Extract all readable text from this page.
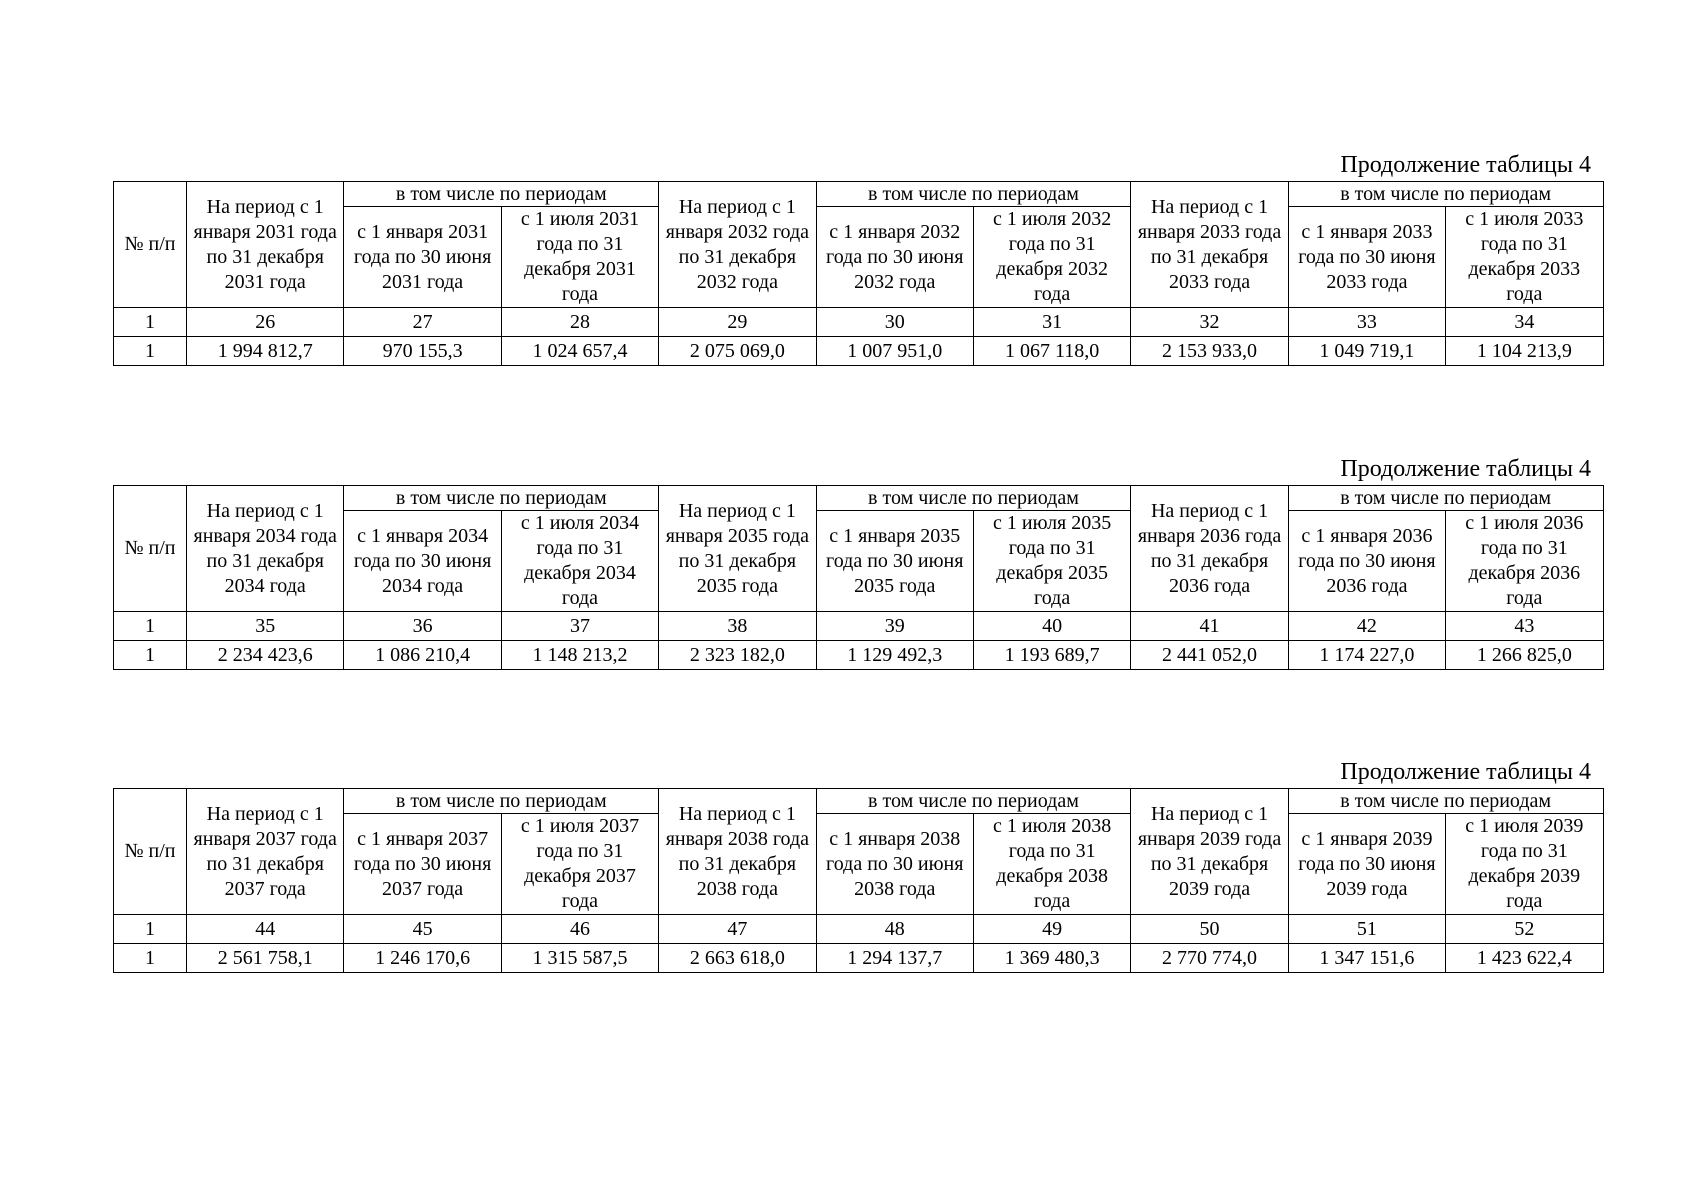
Продолжение таблицы 4
№ п/п	На период с 1 января 2031 года по 31 декабря 2031 года	в том числе по периодам		На период с 1 января 2032 года по 31 декабря 2032 года	в том числе по периодам		На период с 1 января 2033 года по 31 декабря 2033 года	в том числе по периодам	
		с 1 января 2031 года по 30 июня 2031 года	с 1 июля 2031 года по 31 декабря 2031 года		с 1 января 2032 года по 30 июня 2032 года	с 1 июля 2032 года по 31 декабря 2032 года		с 1 января 2033 года по 30 июня 2033 года	с 1 июля 2033 года по 31 декабря 2033 года
1	26	27	28	29	30	31	32	33	34
1	1 994 812,7	970 155,3	1 024 657,4	2 075 069,0	1 007 951,0	1 067 118,0	2 153 933,0	1 049 719,1	1 104 213,9
Продолжение таблицы 4
№ п/п	На период с 1 января 2034 года по 31 декабря 2034 года	в том числе по периодам		На период с 1 января 2035 года по 31 декабря 2035 года	в том числе по периодам		На период с 1 января 2036 года по 31 декабря 2036 года	в том числе по периодам	
		с 1 января 2034 года по 30 июня 2034 года	с 1 июля 2034 года по 31 декабря 2034 года		с 1 января 2035 года по 30 июня 2035 года	с 1 июля 2035 года по 31 декабря 2035 года		с 1 января 2036 года по 30 июня 2036 года	с 1 июля 2036 года по 31 декабря 2036 года
1	35	36	37	38	39	40	41	42	43
1	2 234 423,6	1 086 210,4	1 148 213,2	2 323 182,0	1 129 492,3	1 193 689,7	2 441 052,0	1 174 227,0	1 266 825,0
Продолжение таблицы 4
№ п/п	На период с 1 января 2037 года по 31 декабря 2037 года	в том числе по периодам		На период с 1 января 2038 года по 31 декабря 2038 года	в том числе по периодам		На период с 1 января 2039 года по 31 декабря 2039 года	в том числе по периодам	
		с 1 января 2037 года по 30 июня 2037 года	с 1 июля 2037 года по 31 декабря 2037 года		с 1 января 2038 года по 30 июня 2038 года	с 1 июля 2038 года по 31 декабря 2038 года		с 1 января 2039 года по 30 июня 2039 года	с 1 июля 2039 года по 31 декабря 2039 года
1	44	45	46	47	48	49	50	51	52
1	2 561 758,1	1 246 170,6	1 315 587,5	2 663 618,0	1 294 137,7	1 369 480,3	2 770 774,0	1 347 151,6	1 423 622,4
